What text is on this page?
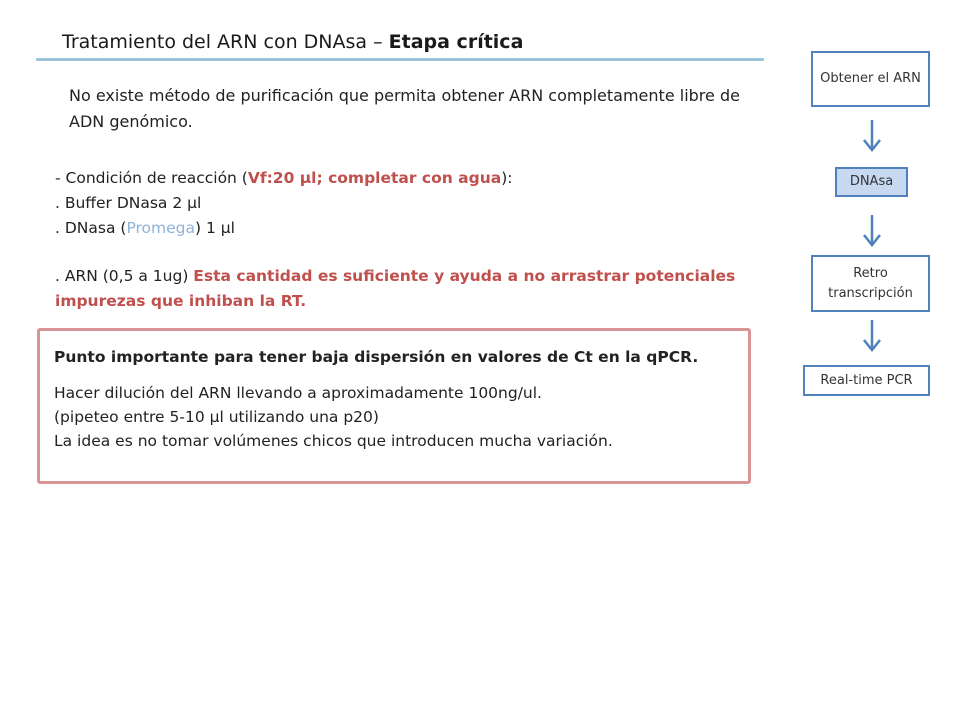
Tratamiento del ARN con DNAsa – Etapa crítica
No existe método de purificación que permita obtener ARN completamente libre de ADN genómico.
- Condición de reacción (Vf:20 µl; completar con agua):
. Buffer DNasa 2 µl
. DNasa (Promega) 1 µl
. ARN (0,5 a 1ug) Esta cantidad es suficiente y ayuda a no arrastrar potenciales impurezas que inhiban la RT.
Punto importante para tener baja dispersión en valores de Ct en la qPCR.
Hacer dilución del ARN llevando a aproximadamente 100ng/ul.
(pipeteo entre 5-10 µl utilizando una p20)
La idea es no tomar volúmenes chicos que introducen mucha variación.
Obtener el ARN
DNAsa
Retro transcripción
Real-time PCR
